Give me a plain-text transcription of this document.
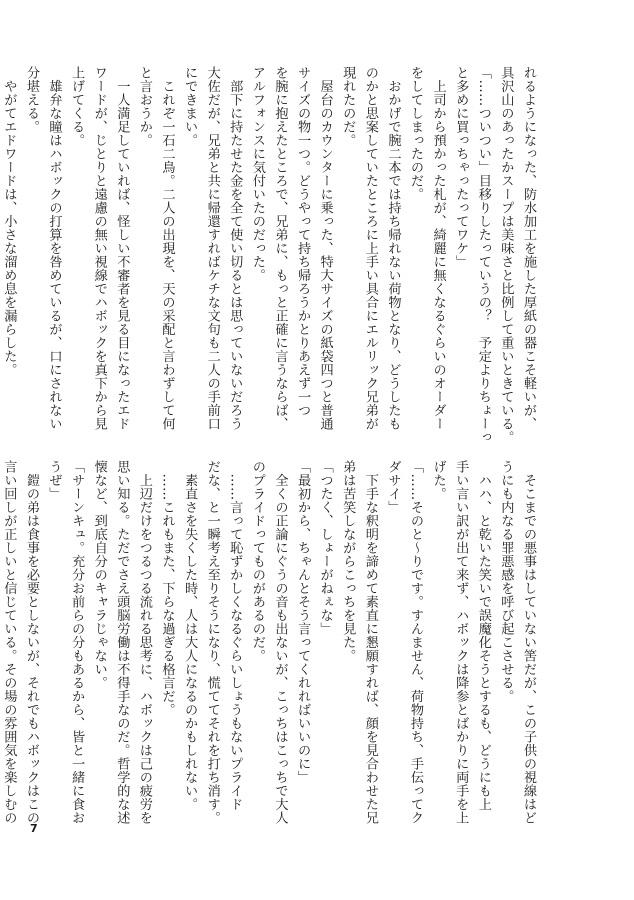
れるようになった、防水加工を施した厚紙の器こそ軽いが、
具沢山のあったかスープは美味さと比例して重いときている。
「……ついつい」目移りしたっていうの？　予定よりちょーっ
と多めに買っちゃったってワケ」
　上司から預かった札が、綺麗に無くなるぐらいのオーダー
をしてしまったのだ。
　おかげで腕二本では持ち帰れない荷物となり、どうしたも
のかと思案していたところに上手い具合にエルリック兄弟が
現れたのだ。
　屋台のカウンターに乗った、特大サイズの紙袋四つと普通
サイズの物一つ。どうやって持ち帰ろうかとりあえず一つ
を腕に抱えたところで、兄弟に、もっと正確に言うならば、
アルフォンスに気付いたのだった。
　部下に持たせた金を全て使い切るとは思っていないだろう
大佐だが、兄弟と共に帰還すればケチな文句も二人の手前口
にできまい。
　これぞ一石二鳥。二人の出現を、天の采配と言わずして何
と言おうか。
　一人満足していれば、怪しい不審者を見る目になったエド
ワードが、じとりと遠慮の無い視線でハボックを真下から見
上げてくる。
　雄弁な瞳はハボックの打算を咎めているが、口にされない
分堪える。
　やがてエドワードは、小さな溜め息を漏らした。
　そこまでの悪事はしていない筈だが、この子供の視線はど
うにも内なる罪悪感を呼び起こさせる。
　ハハ、と乾いた笑いで誤魔化そうとするも、どうにも上
手い言い訳が出て来ず、ハボックは降参とばかりに両手を上
げた。
「……そのと～りです。すんません、荷物持ち、手伝ってク
ダサイ」
　下手な釈明を諦めて素直に懇願すれば、顔を見合わせた兄
弟は苦笑しながらこっちを見た。
「つたく、しょーがねぇな」
「最初から、ちゃんとそう言ってくれればいいのに」
　全くの正論にぐうの音も出ないが、こっちはこっちで大人
のプライドってものがあるのだ。
　……言って恥ずかしくなるぐらいしょうもないプライド
だな、と一瞬考え至りそうになり、慌ててそれを打ち消す。
　素直さを失くした時、人は大人になるのかもしれない。
　……これもまた、下らな過ぎる格言だ。
　上辺だけをつるつる流れる思考に、ハボックは己の疲労を
思い知る。ただでさえ頭脳労働は不得手なのだ。哲学的な述
懐など、到底自分のキャラじゃない。
「サーンキュ。充分お前らの分もあるから、皆と一緒に食お
うぜ」
　鎧の弟は食事を必要としないが、それでもハボックはこの
言い回しが正しいと信じている。その場の雰囲気を楽しむの
7
